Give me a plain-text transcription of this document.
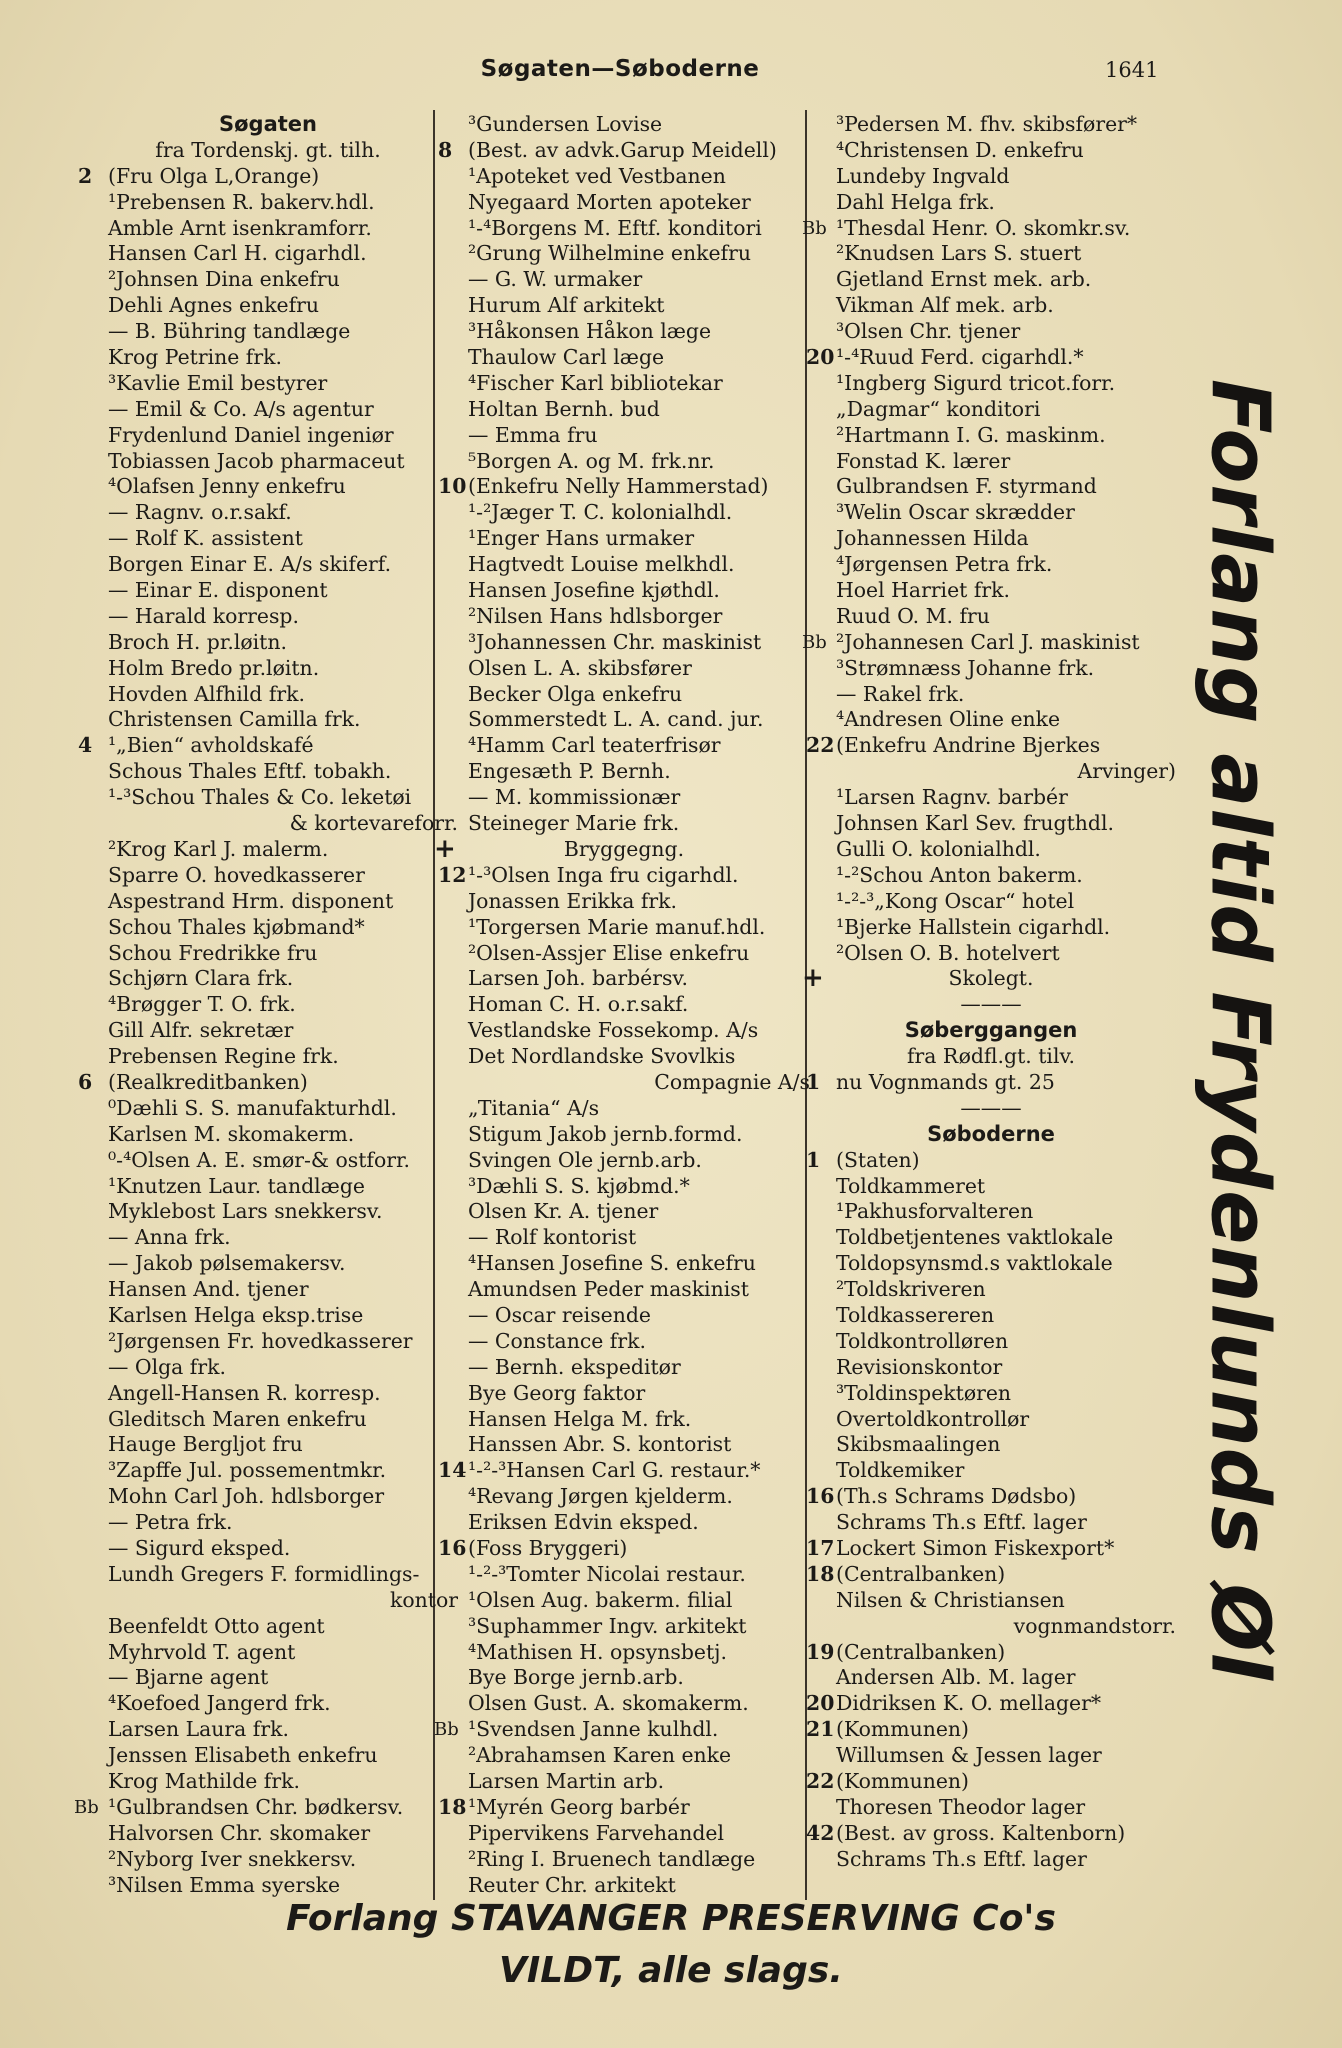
Søgaten—Søboderne	1641
Søgaten
fra Tordenskj. gt. tilh.
2 (Fru Olga L,Orange)
¹Prebensen R. bakerv.hdl.
Amble Arnt isenkramforr.
Hansen Carl H. cigarhdl.
²Johnsen Dina enkefru
Dehli Agnes enkefru
— B. Bühring tandlæge
Krog Petrine frk.
³Kavlie Emil bestyrer
— Emil & Co. A/s agentur
Frydenlund Daniel ingeniør
Tobiassen Jacob pharmaceut
⁴Olafsen Jenny enkefru
— Ragnv. o.r.sakf.
— Rolf K. assistent
Borgen Einar E. A/s skiferf.
— Einar E. disponent
— Harald korresp.
Broch H. pr.løitn.
Holm Bredo pr.løitn.
Hovden Alfhild frk.
Christensen Camilla frk.
4 ¹„Bien“ avholdskafé
Schous Thales Eftf. tobakh.
¹-³Schou Thales & Co. leketøi
& kortevareforr.
²Krog Karl J. malerm.
Sparre O. hovedkasserer
Aspestrand Hrm. disponent
Schou Thales kjøbmand*
Schou Fredrikke fru
Schjørn Clara frk.
⁴Brøgger T. O. frk.
Gill Alfr. sekretær
Prebensen Regine frk.
6 (Realkreditbanken)
⁰Dæhli S. S. manufakturhdl.
Karlsen M. skomakerm.
⁰-⁴Olsen A. E. smør-& ostforr.
¹Knutzen Laur. tandlæge
Myklebost Lars snekkersv.
— Anna frk.
— Jakob pølsemakersv.
Hansen And. tjener
Karlsen Helga eksp.trise
²Jørgensen Fr. hovedkasserer
— Olga frk.
Angell-Hansen R. korresp.
Gleditsch Maren enkefru
Hauge Bergljot fru
³Zapffe Jul. possementmkr.
Mohn Carl Joh. hdlsborger
— Petra frk.
— Sigurd eksped.
Lundh Gregers F. formidlings-
kontor
Beenfeldt Otto agent
Myhrvold T. agent
— Bjarne agent
⁴Koefoed Jangerd frk.
Larsen Laura frk.
Jenssen Elisabeth enkefru
Krog Mathilde frk.
Bb ¹Gulbrandsen Chr. bødkersv.
Halvorsen Chr. skomaker
²Nyborg Iver snekkersv.
³Nilsen Emma syerske
³Gundersen Lovise
8 (Best. av advk.Garup Meidell)
¹Apoteket ved Vestbanen
Nyegaard Morten apoteker
¹-⁴Borgens M. Eftf. konditori
²Grung Wilhelmine enkefru
— G. W. urmaker
Hurum Alf arkitekt
³Håkonsen Håkon læge
Thaulow Carl læge
⁴Fischer Karl bibliotekar
Holtan Bernh. bud
— Emma fru
⁵Borgen A. og M. frk.nr.
10 (Enkefru Nelly Hammerstad)
¹-²Jæger T. C. kolonialhdl.
¹Enger Hans urmaker
Hagtvedt Louise melkhdl.
Hansen Josefine kjøthdl.
²Nilsen Hans hdlsborger
³Johannessen Chr. maskinist
Olsen L. A. skibsfører
Becker Olga enkefru
Sommerstedt L. A. cand. jur.
⁴Hamm Carl teaterfrisør
Engesæth P. Bernh.
— M. kommissionær
Steineger Marie frk.
+	Bryggegng.
12 ¹-³Olsen Inga fru cigarhdl.
Jonassen Erikka frk.
¹Torgersen Marie manuf.hdl.
²Olsen-Assjer Elise enkefru
Larsen Joh. barbérsv.
Homan C. H. o.r.sakf.
Vestlandske Fossekomp. A/s
Det Nordlandske Svovlkis
Compagnie A/s
„Titania“ A/s
Stigum Jakob jernb.formd.
Svingen Ole jernb.arb.
³Dæhli S. S. kjøbmd.*
Olsen Kr. A. tjener
— Rolf kontorist
⁴Hansen Josefine S. enkefru
Amundsen Peder maskinist
— Oscar reisende
— Constance frk.
— Bernh. ekspeditør
Bye Georg faktor
Hansen Helga M. frk.
Hanssen Abr. S. kontorist
14 ¹-²-³Hansen Carl G. restaur.*
⁴Revang Jørgen kjelderm.
Eriksen Edvin eksped.
16 (Foss Bryggeri)
¹-²-³Tomter Nicolai restaur.
¹Olsen Aug. bakerm. filial
³Suphammer Ingv. arkitekt
⁴Mathisen H. opsynsbetj.
Bye Borge jernb.arb.
Olsen Gust. A. skomakerm.
Bb ¹Svendsen Janne kulhdl.
²Abrahamsen Karen enke
Larsen Martin arb.
18 ¹Myrén Georg barbér
Pipervikens Farvehandel
²Ring I. Bruenech tandlæge
Reuter Chr. arkitekt
³Pedersen M. fhv. skibsfører*
⁴Christensen D. enkefru
Lundeby Ingvald
Dahl Helga frk.
Bb ¹Thesdal Henr. O. skomkr.sv.
²Knudsen Lars S. stuert
Gjetland Ernst mek. arb.
Vikman Alf mek. arb.
³Olsen Chr. tjener
20 ¹-⁴Ruud Ferd. cigarhdl.*
¹Ingberg Sigurd tricot.forr.
„Dagmar“ konditori
²Hartmann I. G. maskinm.
Fonstad K. lærer
Gulbrandsen F. styrmand
³Welin Oscar skrædder
Johannessen Hilda
⁴Jørgensen Petra frk.
Hoel Harriet frk.
Ruud O. M. fru
Bb ²Johannesen Carl J. maskinist
³Strømnæss Johanne frk.
— Rakel frk.
⁴Andresen Oline enke
22 (Enkefru Andrine Bjerkes
Arvinger)
¹Larsen Ragnv. barbér
Johnsen Karl Sev. frugthdl.
Gulli O. kolonialhdl.
¹-²Schou Anton bakerm.
¹-²-³„Kong Oscar“ hotel
¹Bjerke Hallstein cigarhdl.
²Olsen O. B. hotelvert
+	Skolegt.
———
Søberggangen
fra Rødfl.gt. tilv.
1 nu Vognmands gt. 25
———
Søboderne
1 (Staten)
Toldkammeret
¹Pakhusforvalteren
Toldbetjentenes vaktlokale
Toldopsynsmd.s vaktlokale
²Toldskriveren
Toldkassereren
Toldkontrolløren
Revisionskontor
³Toldinspektøren
Overtoldkontrollør
Skibsmaalingen
Toldkemiker
16 (Th.s Schrams Dødsbo)
Schrams Th.s Eftf. lager
17 Lockert Simon Fiskexport*
18 (Centralbanken)
Nilsen & Christiansen
vognmandstorr.
19 (Centralbanken)
Andersen Alb. M. lager
20 Didriksen K. O. mellager*
21 (Kommunen)
Willumsen & Jessen lager
22 (Kommunen)
Thoresen Theodor lager
42 (Best. av gross. Kaltenborn)
Schrams Th.s Eftf. lager
Forlang altid Frydenlunds Øl
Forlang STAVANGER PRESERVING Co's
VILDT, alle slags.
